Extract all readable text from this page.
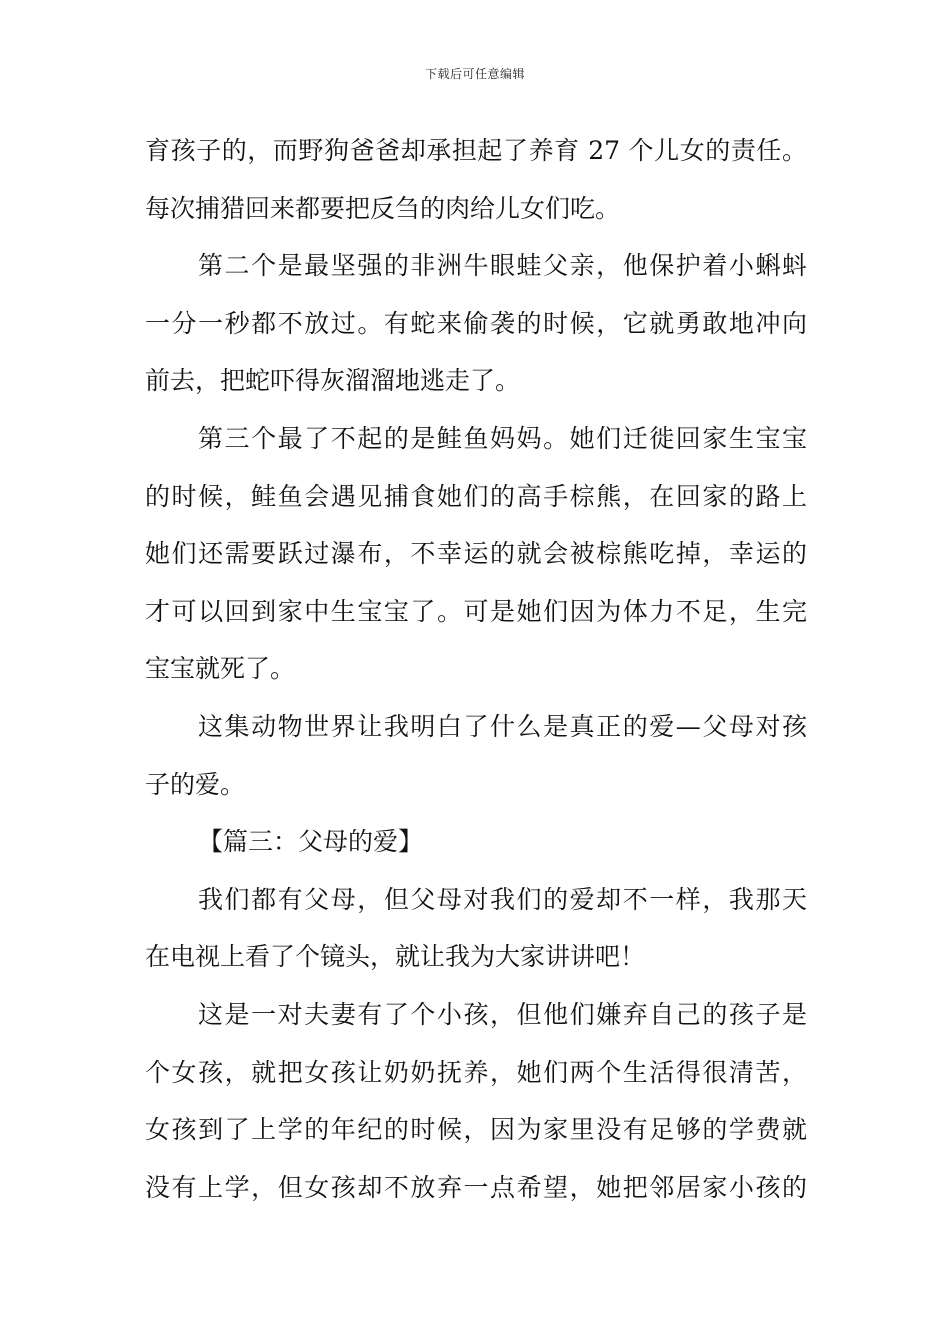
下载后可任意编辑
育孩子的，而野狗爸爸却承担起了养育 27 个儿女的责任。
每次捕猎回来都要把反刍的肉给儿女们吃。
第二个是最坚强的非洲牛眼蛙父亲，他保护着小蝌蚪
一分一秒都不放过。有蛇来偷袭的时候，它就勇敢地冲向
前去，把蛇吓得灰溜溜地逃走了。
第三个最了不起的是鲑鱼妈妈。她们迁徙回家生宝宝
的时候，鲑鱼会遇见捕食她们的高手棕熊，在回家的路上
她们还需要跃过瀑布，不幸运的就会被棕熊吃掉，幸运的
才可以回到家中生宝宝了。可是她们因为体力不足，生完
宝宝就死了。
这集动物世界让我明白了什么是真正的爱—父母对孩
子的爱。
【篇三：父母的爱】
我们都有父母，但父母对我们的爱却不一样，我那天
在电视上看了个镜头，就让我为大家讲讲吧！
这是一对夫妻有了个小孩，但他们嫌弃自己的孩子是
个女孩，就把女孩让奶奶抚养，她们两个生活得很清苦，
女孩到了上学的年纪的时候，因为家里没有足够的学费就
没有上学，但女孩却不放弃一点希望，她把邻居家小孩的
